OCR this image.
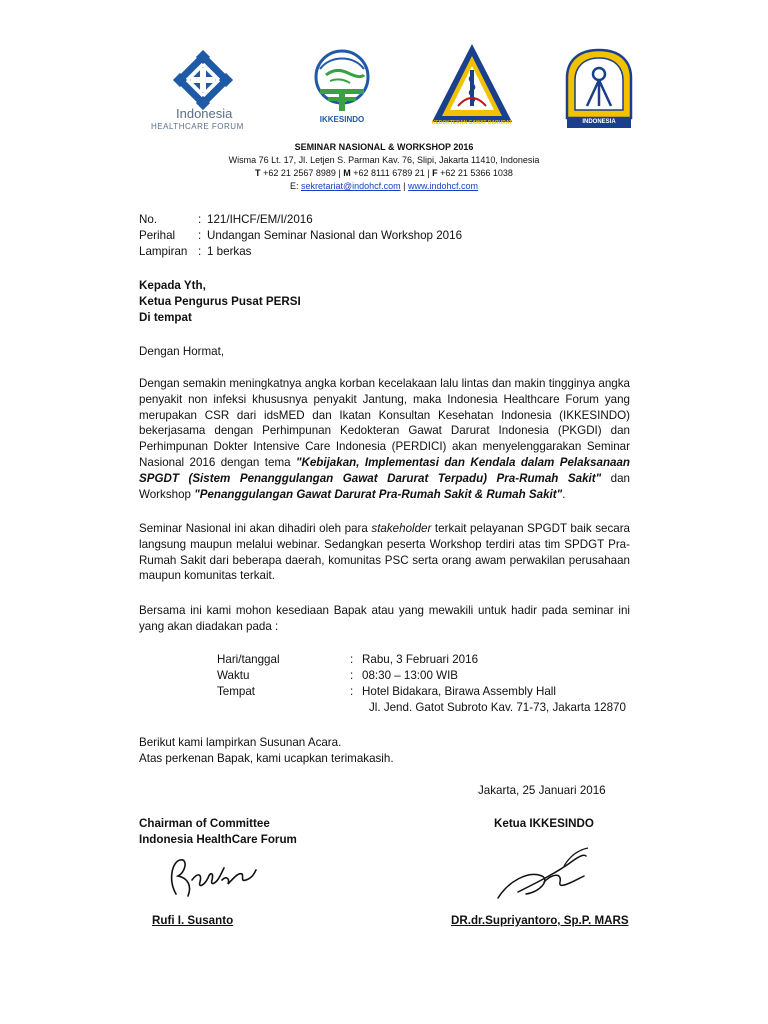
Indonesia
HEALTHCARE FORUM
IKKESINDO	KEDOKTERAN GAWAT DARURAT	INDONESIA
SEMINAR NASIONAL & WORKSHOP 2016
Wisma 76 Lt. 17, Jl. Letjen S. Parman Kav. 76, Slipi, Jakarta 11410, Indonesia
T +62 21 2567 8989 | M +62 8111 6789 21 | F +62 21 5366 1038
E: sekretariat@indohcf.com | www.indohcf.com
No.	: 121/IHCF/EM/I/2016
Perihal : Undangan Seminar Nasional dan Workshop 2016
Lampiran : 1 berkas
Kepada Yth,
Ketua Pengurus Pusat PERSI
Di tempat
Dengan Hormat,
Dengan semakin meningkatnya angka korban kecelakaan lalu lintas dan makin tingginya angka penyakit non infeksi khususnya penyakit Jantung, maka Indonesia Healthcare Forum yang merupakan CSR dari idsMED dan Ikatan Konsultan Kesehatan Indonesia (IKKESINDO) bekerjasama dengan Perhimpunan Kedokteran Gawat Darurat Indonesia (PKGDI) dan Perhimpunan Dokter Intensive Care Indonesia (PERDICI) akan menyelenggarakan Seminar Nasional 2016 dengan tema "Kebijakan, Implementasi dan Kendala dalam Pelaksanaan SPGDT (Sistem Penanggulangan Gawat Darurat Terpadu) Pra-Rumah Sakit" dan Workshop "Penanggulangan Gawat Darurat Pra-Rumah Sakit & Rumah Sakit".
Seminar Nasional ini akan dihadiri oleh para stakeholder terkait pelayanan SPGDT baik secara langsung maupun melalui webinar. Sedangkan peserta Workshop terdiri atas tim SPDGT Pra-Rumah Sakit dari beberapa daerah, komunitas PSC serta orang awam perwakilan perusahaan maupun komunitas terkait.
Bersama ini kami mohon kesediaan Bapak atau yang mewakili untuk hadir pada seminar ini yang akan diadakan pada :
Hari/tanggal	: Rabu, 3 Februari 2016
Waktu	: 08:30 – 13:00 WIB
Tempat	: Hotel Bidakara, Birawa Assembly Hall
Jl. Jend. Gatot Subroto Kav. 71-73, Jakarta 12870
Berikut kami lampirkan Susunan Acara.
Atas perkenan Bapak, kami ucapkan terimakasih.
Jakarta, 25 Januari 2016
Chairman of Committee
Indonesia HealthCare Forum
Ketua IKKESINDO
Rufi I. Susanto	DR.dr.Supriyantoro, Sp.P. MARS
